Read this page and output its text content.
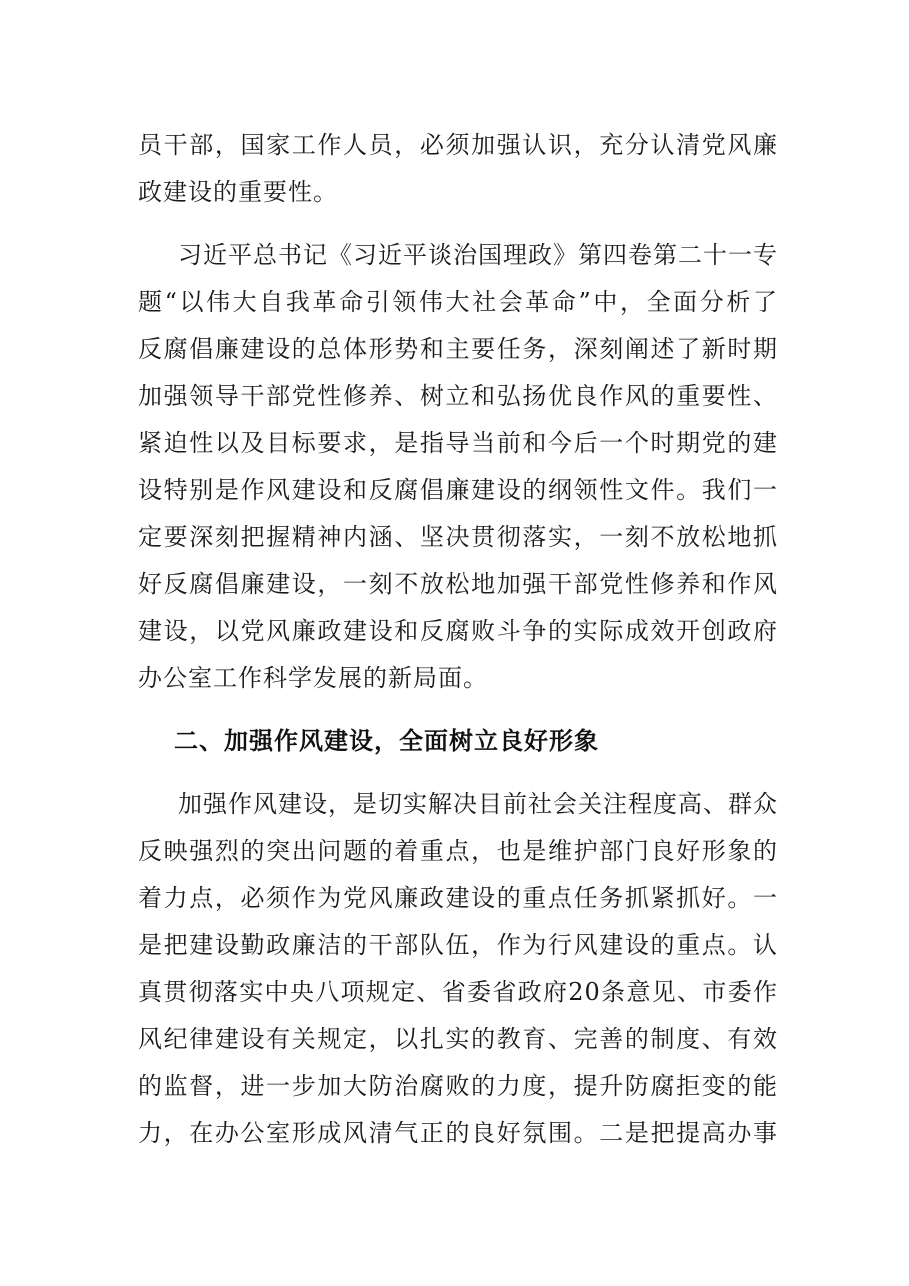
员干部，国家工作人员，必须加强认识，充分认清党风廉
政建设的重要性。
习近平总书记《习近平谈治国理政》第四卷第二十一专
题“以伟大自我革命引领伟大社会革命”中，全面分析了
反腐倡廉建设的总体形势和主要任务，深刻阐述了新时期
加强领导干部党性修养、树立和弘扬优良作风的重要性、
紧迫性以及目标要求，是指导当前和今后一个时期党的建
设特别是作风建设和反腐倡廉建设的纲领性文件。我们一
定要深刻把握精神内涵、坚决贯彻落实，一刻不放松地抓
好反腐倡廉建设，一刻不放松地加强干部党性修养和作风
建设，以党风廉政建设和反腐败斗争的实际成效开创政府
办公室工作科学发展的新局面。
二、加强作风建设，全面树立良好形象
加强作风建设，是切实解决目前社会关注程度高、群众
反映强烈的突出问题的着重点，也是维护部门良好形象的
着力点，必须作为党风廉政建设的重点任务抓紧抓好。一
是把建设勤政廉洁的干部队伍，作为行风建设的重点。认
真贯彻落实中央八项规定、省委省政府20条意见、市委作
风纪律建设有关规定，以扎实的教育、完善的制度、有效
的监督，进一步加大防治腐败的力度，提升防腐拒变的能
力，在办公室形成风清气正的良好氛围。二是把提高办事
